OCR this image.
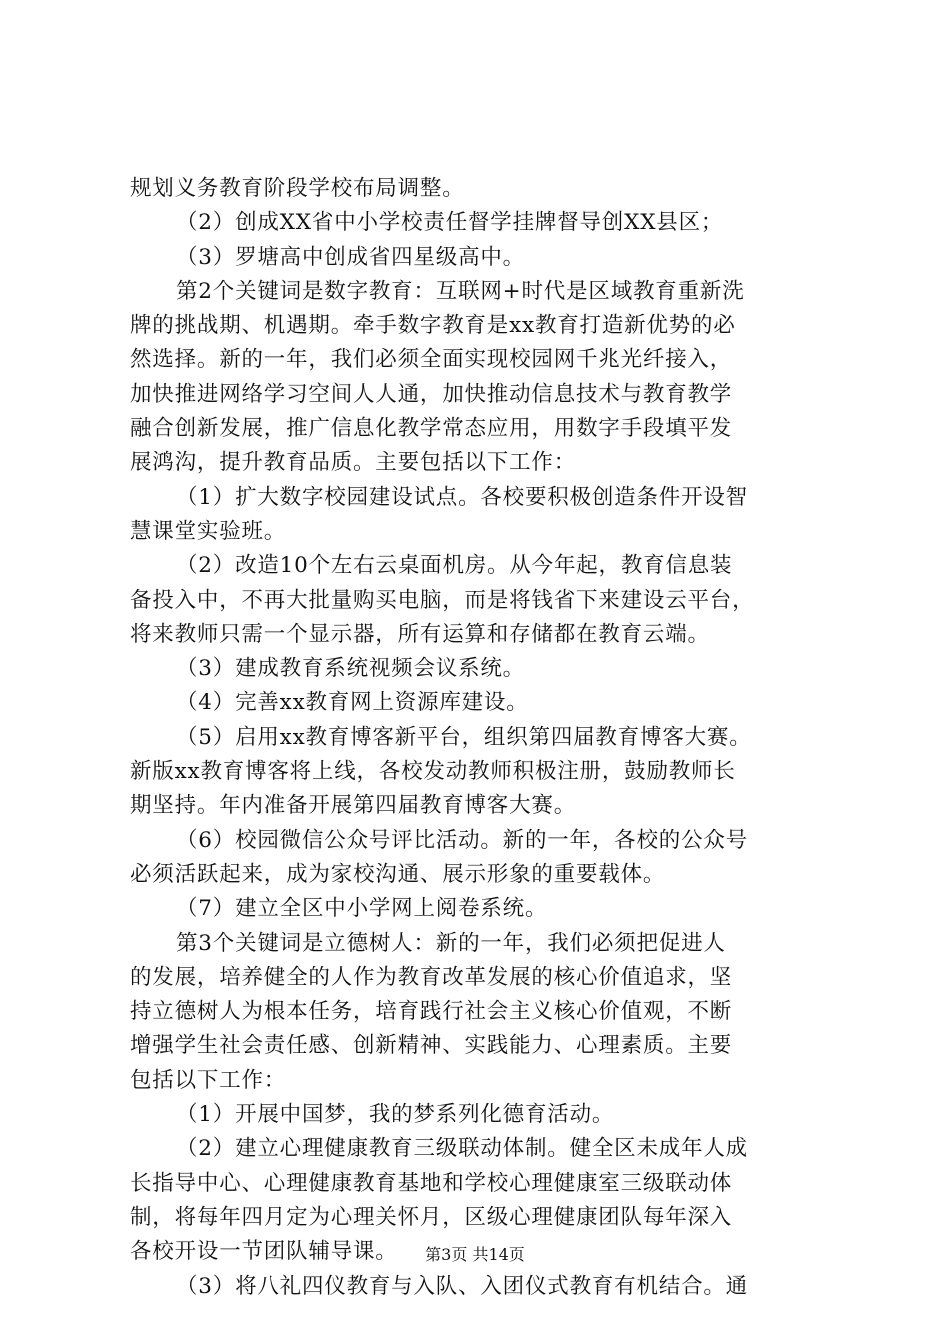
规划义务教育阶段学校布局调整。
（2）创成XX省中小学校责任督学挂牌督导创XX县区；
（3）罗塘高中创成省四星级高中。
第2个关键词是数字教育：互联网+时代是区域教育重新洗
牌的挑战期、机遇期。牵手数字教育是xx教育打造新优势的必
然选择。新的一年，我们必须全面实现校园网千兆光纤接入，
加快推进网络学习空间人人通，加快推动信息技术与教育教学
融合创新发展，推广信息化教学常态应用，用数字手段填平发
展鸿沟，提升教育品质。主要包括以下工作：
（1）扩大数字校园建设试点。各校要积极创造条件开设智
慧课堂实验班。
（2）改造10个左右云桌面机房。从今年起，教育信息装
备投入中，不再大批量购买电脑，而是将钱省下来建设云平台，
将来教师只需一个显示器，所有运算和存储都在教育云端。
（3）建成教育系统视频会议系统。
（4）完善xx教育网上资源库建设。
（5）启用xx教育博客新平台，组织第四届教育博客大赛。
新版xx教育博客将上线，各校发动教师积极注册，鼓励教师长
期坚持。年内准备开展第四届教育博客大赛。
（6）校园微信公众号评比活动。新的一年，各校的公众号
必须活跃起来，成为家校沟通、展示形象的重要载体。
（7）建立全区中小学网上阅卷系统。
第3个关键词是立德树人：新的一年，我们必须把促进人
的发展，培养健全的人作为教育改革发展的核心价值追求，坚
持立德树人为根本任务，培育践行社会主义核心价值观，不断
增强学生社会责任感、创新精神、实践能力、心理素质。主要
包括以下工作：
（1）开展中国梦，我的梦系列化德育活动。
（2）建立心理健康教育三级联动体制。健全区未成年人成
长指导中心、心理健康教育基地和学校心理健康室三级联动体
制，将每年四月定为心理关怀月，区级心理健康团队每年深入
各校开设一节团队辅导课。
（3）将八礼四仪教育与入队、入团仪式教育有机结合。通
第3页 共14页
